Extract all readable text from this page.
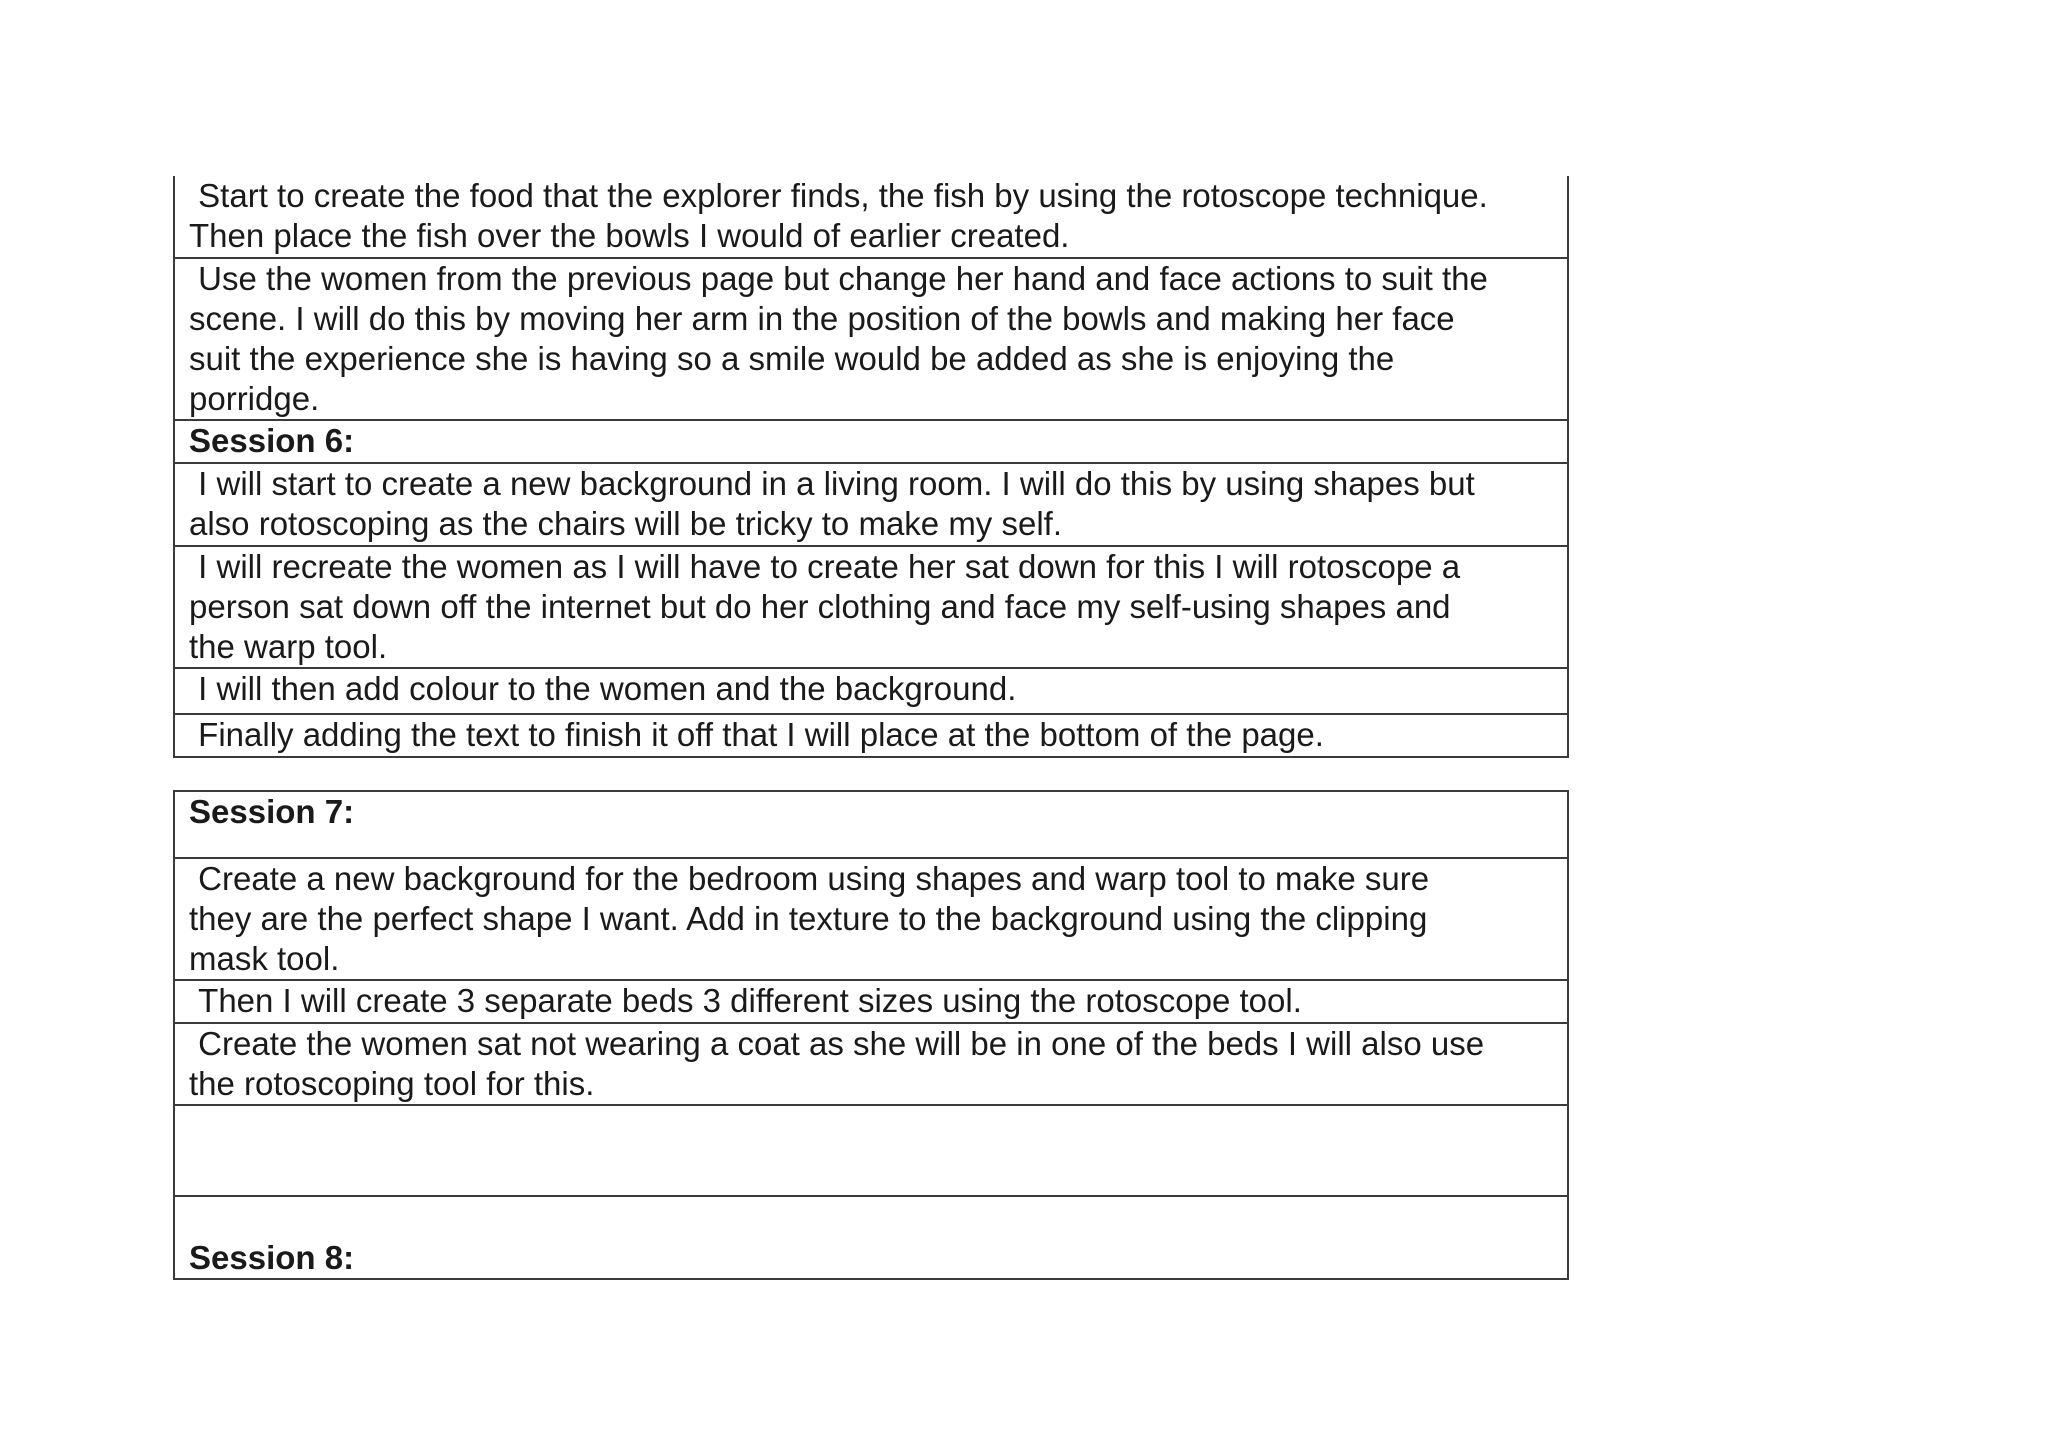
Start to create the food that the explorer finds, the fish by using the rotoscope technique.
Then place the fish over the bowls I would of earlier created.
Use the women from the previous page but change her hand and face actions to suit the
scene. I will do this by moving her arm in the position of the bowls and making her face
suit the experience she is having so a smile would be added as she is enjoying the
porridge.
Session 6:
I will start to create a new background in a living room. I will do this by using shapes but
also rotoscoping as the chairs will be tricky to make my self.
I will recreate the women as I will have to create her sat down for this I will rotoscope a
person sat down off the internet but do her clothing and face my self-using shapes and
the warp tool.
I will then add colour to the women and the background.
Finally adding the text to finish it off that I will place at the bottom of the page.
Session 7:
Create a new background for the bedroom using shapes and warp tool to make sure
they are the perfect shape I want. Add in texture to the background using the clipping
mask tool.
Then I will create 3 separate beds 3 different sizes using the rotoscope tool.
Create the women sat not wearing a coat as she will be in one of the beds I will also use
the rotoscoping tool for this.

Session 8:
